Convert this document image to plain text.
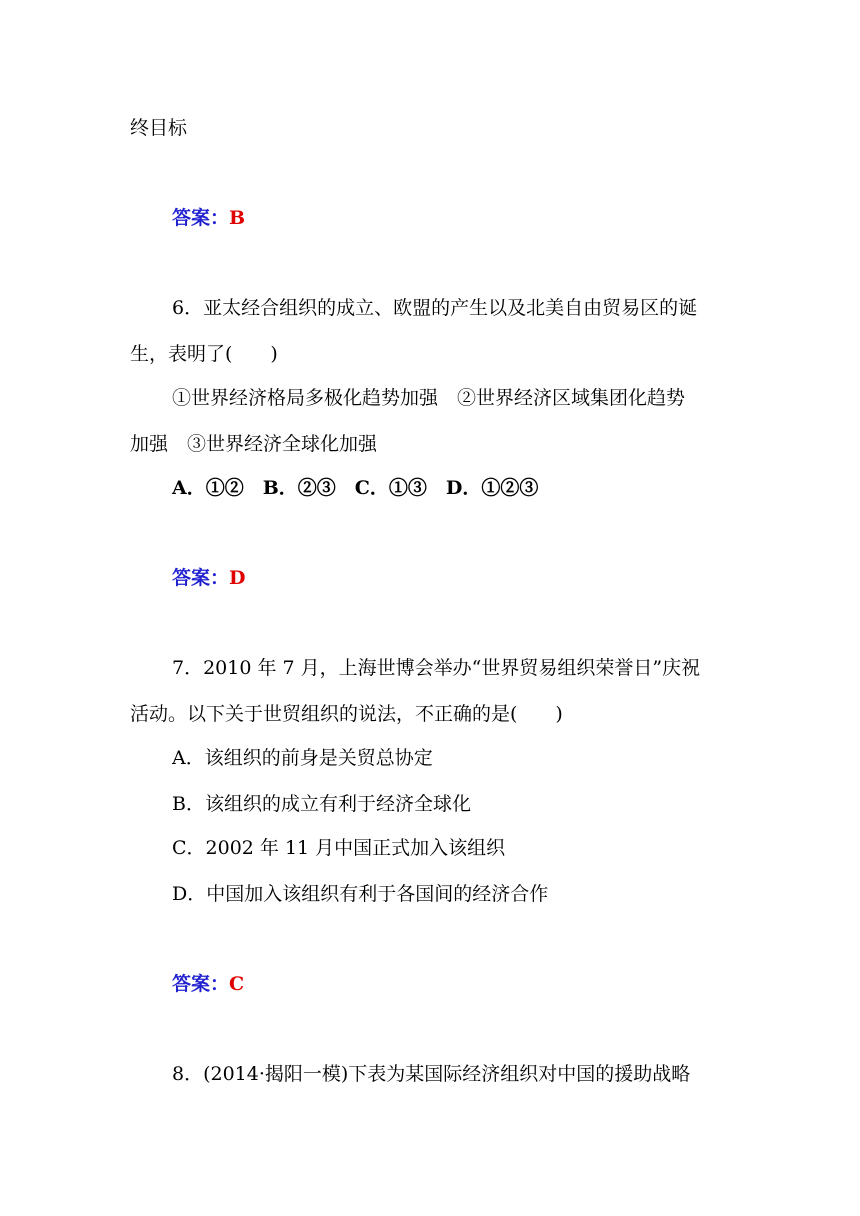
终目标
答案：B
6．亚太经合组织的成立、欧盟的产生以及北美自由贸易区的诞
生，表明了(　　)
①世界经济格局多极化趋势加强　②世界经济区域集团化趋势
加强　③世界经济全球化加强
A．①②　B．②③　C．①③　D．①②③
答案：D
7．2010 年 7 月，上海世博会举办“世界贸易组织荣誉日”庆祝
活动。以下关于世贸组织的说法，不正确的是(　　)
A．该组织的前身是关贸总协定
B．该组织的成立有利于经济全球化
C．2002 年 11 月中国正式加入该组织
D．中国加入该组织有利于各国间的经济合作
答案：C
8．(2014·揭阳一模)下表为某国际经济组织对中国的援助战略
